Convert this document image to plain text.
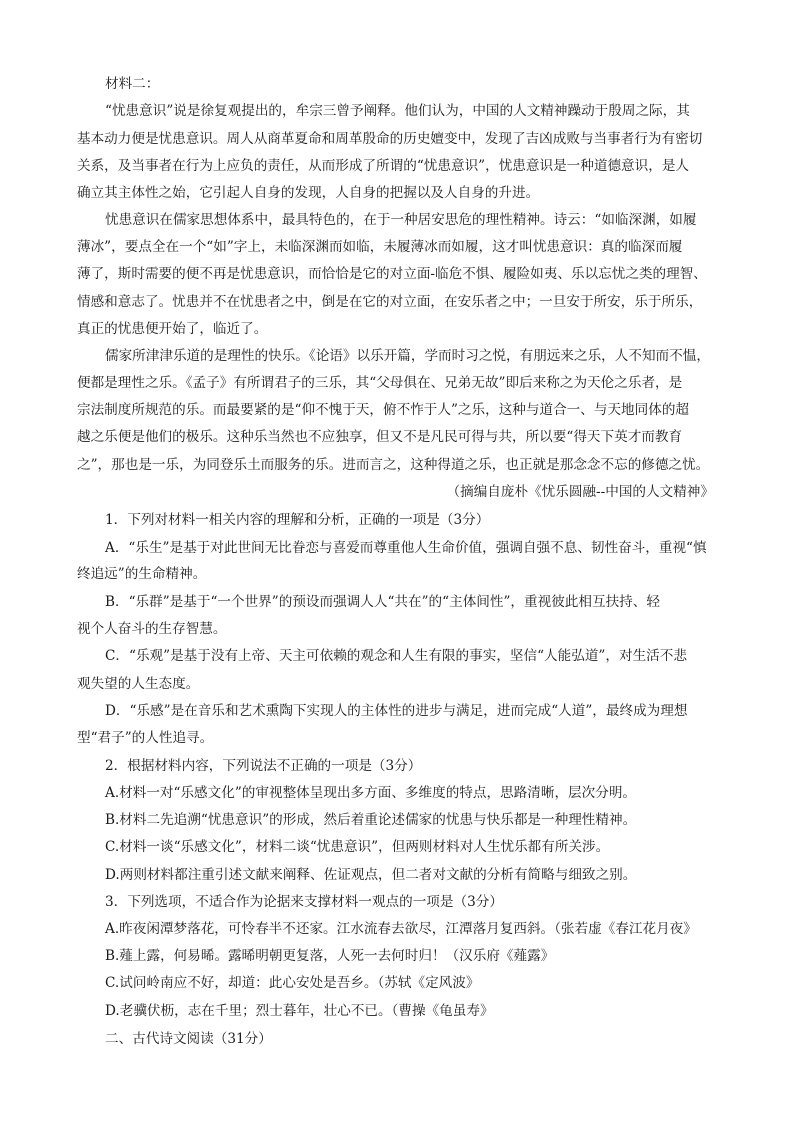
材料二：
“忧患意识”说是徐复观提出的，牟宗三曾予阐释。他们认为，中国的人文精神躁动于殷周之际，其
基本动力便是忧患意识。周人从商革夏命和周革殷命的历史嬗变中，发现了吉凶成败与当事者行为有密切
关系，及当事者在行为上应负的责任，从而形成了所谓的“忧患意识”，忧患意识是一种道德意识，是人
确立其主体性之始，它引起人自身的发现，人自身的把握以及人自身的升进。
忧患意识在儒家思想体系中，最具特色的，在于一种居安思危的理性精神。诗云：“如临深渊，如履
薄冰”，要点全在一个“如”字上，未临深渊而如临，未履薄冰而如履，这才叫忧患意识：真的临深而履
薄了，斯时需要的便不再是忧患意识，而恰恰是它的对立面-临危不惧、履险如夷、乐以忘忧之类的理智、
情感和意志了。忧患并不在忧患者之中，倒是在它的对立面，在安乐者之中；一旦安于所安，乐于所乐，
真正的忧患便开始了，临近了。
儒家所津津乐道的是理性的快乐。《论语》以乐开篇，学而时习之悦，有朋远来之乐，人不知而不愠，
便都是理性之乐。《孟子》有所谓君子的三乐，其“父母俱在、兄弟无故”即后来称之为天伦之乐者，是
宗法制度所规范的乐。而最要紧的是“仰不愧于天，俯不怍于人”之乐，这种与道合一、与天地同体的超
越之乐便是他们的极乐。这种乐当然也不应独享，但又不是凡民可得与共，所以要“得天下英才而教育
之”，那也是一乐，为同登乐土而服务的乐。进而言之，这种得道之乐，也正就是那念念不忘的修德之忧。
（摘编自庞朴《忧乐圆融--中国的人文精神》
1．下列对材料一相关内容的理解和分析，正确的一项是（3分）
A．“乐生”是基于对此世间无比眷恋与喜爱而尊重他人生命价值，强调自强不息、韧性奋斗，重视“慎
终追远”的生命精神。
B．“乐群”是基于“一个世界”的预设而强调人人“共在”的“主体间性”，重视彼此相互扶持、轻
视个人奋斗的生存智慧。
C．“乐观”是基于没有上帝、天主可依赖的观念和人生有限的事实，坚信“人能弘道”，对生活不悲
观失望的人生态度。
D．“乐感”是在音乐和艺术熏陶下实现人的主体性的进步与满足，进而完成“人道”，最终成为理想
型“君子”的人性追寻。
2．根据材料内容，下列说法不正确的一项是（3分）
A.材料一对“乐感文化”的审视整体呈现出多方面、多维度的特点，思路清晰，层次分明。
B.材料二先追溯“忧患意识”的形成，然后着重论述儒家的忧患与快乐都是一种理性精神。
C.材料一谈“乐感文化”，材料二谈“忧患意识”，但两则材料对人生忧乐都有所关涉。
D.两则材料都注重引述文献来阐释、佐证观点，但二者对文献的分析有简略与细致之别。
3．下列选项，不适合作为论据来支撑材料一观点的一项是（3分）
A.昨夜闲潭梦落花，可怜春半不还家。江水流春去欲尽，江潭落月复西斜。（张若虚《春江花月夜》
B.薤上露，何易晞。露晞明朝更复落，人死一去何时归！（汉乐府《薤露》
C.试问岭南应不好，却道：此心安处是吾乡。（苏轼《定风波》
D.老骥伏枥，志在千里；烈士暮年，壮心不已。（曹操《龟虽寿》
二、古代诗文阅读（31分）
